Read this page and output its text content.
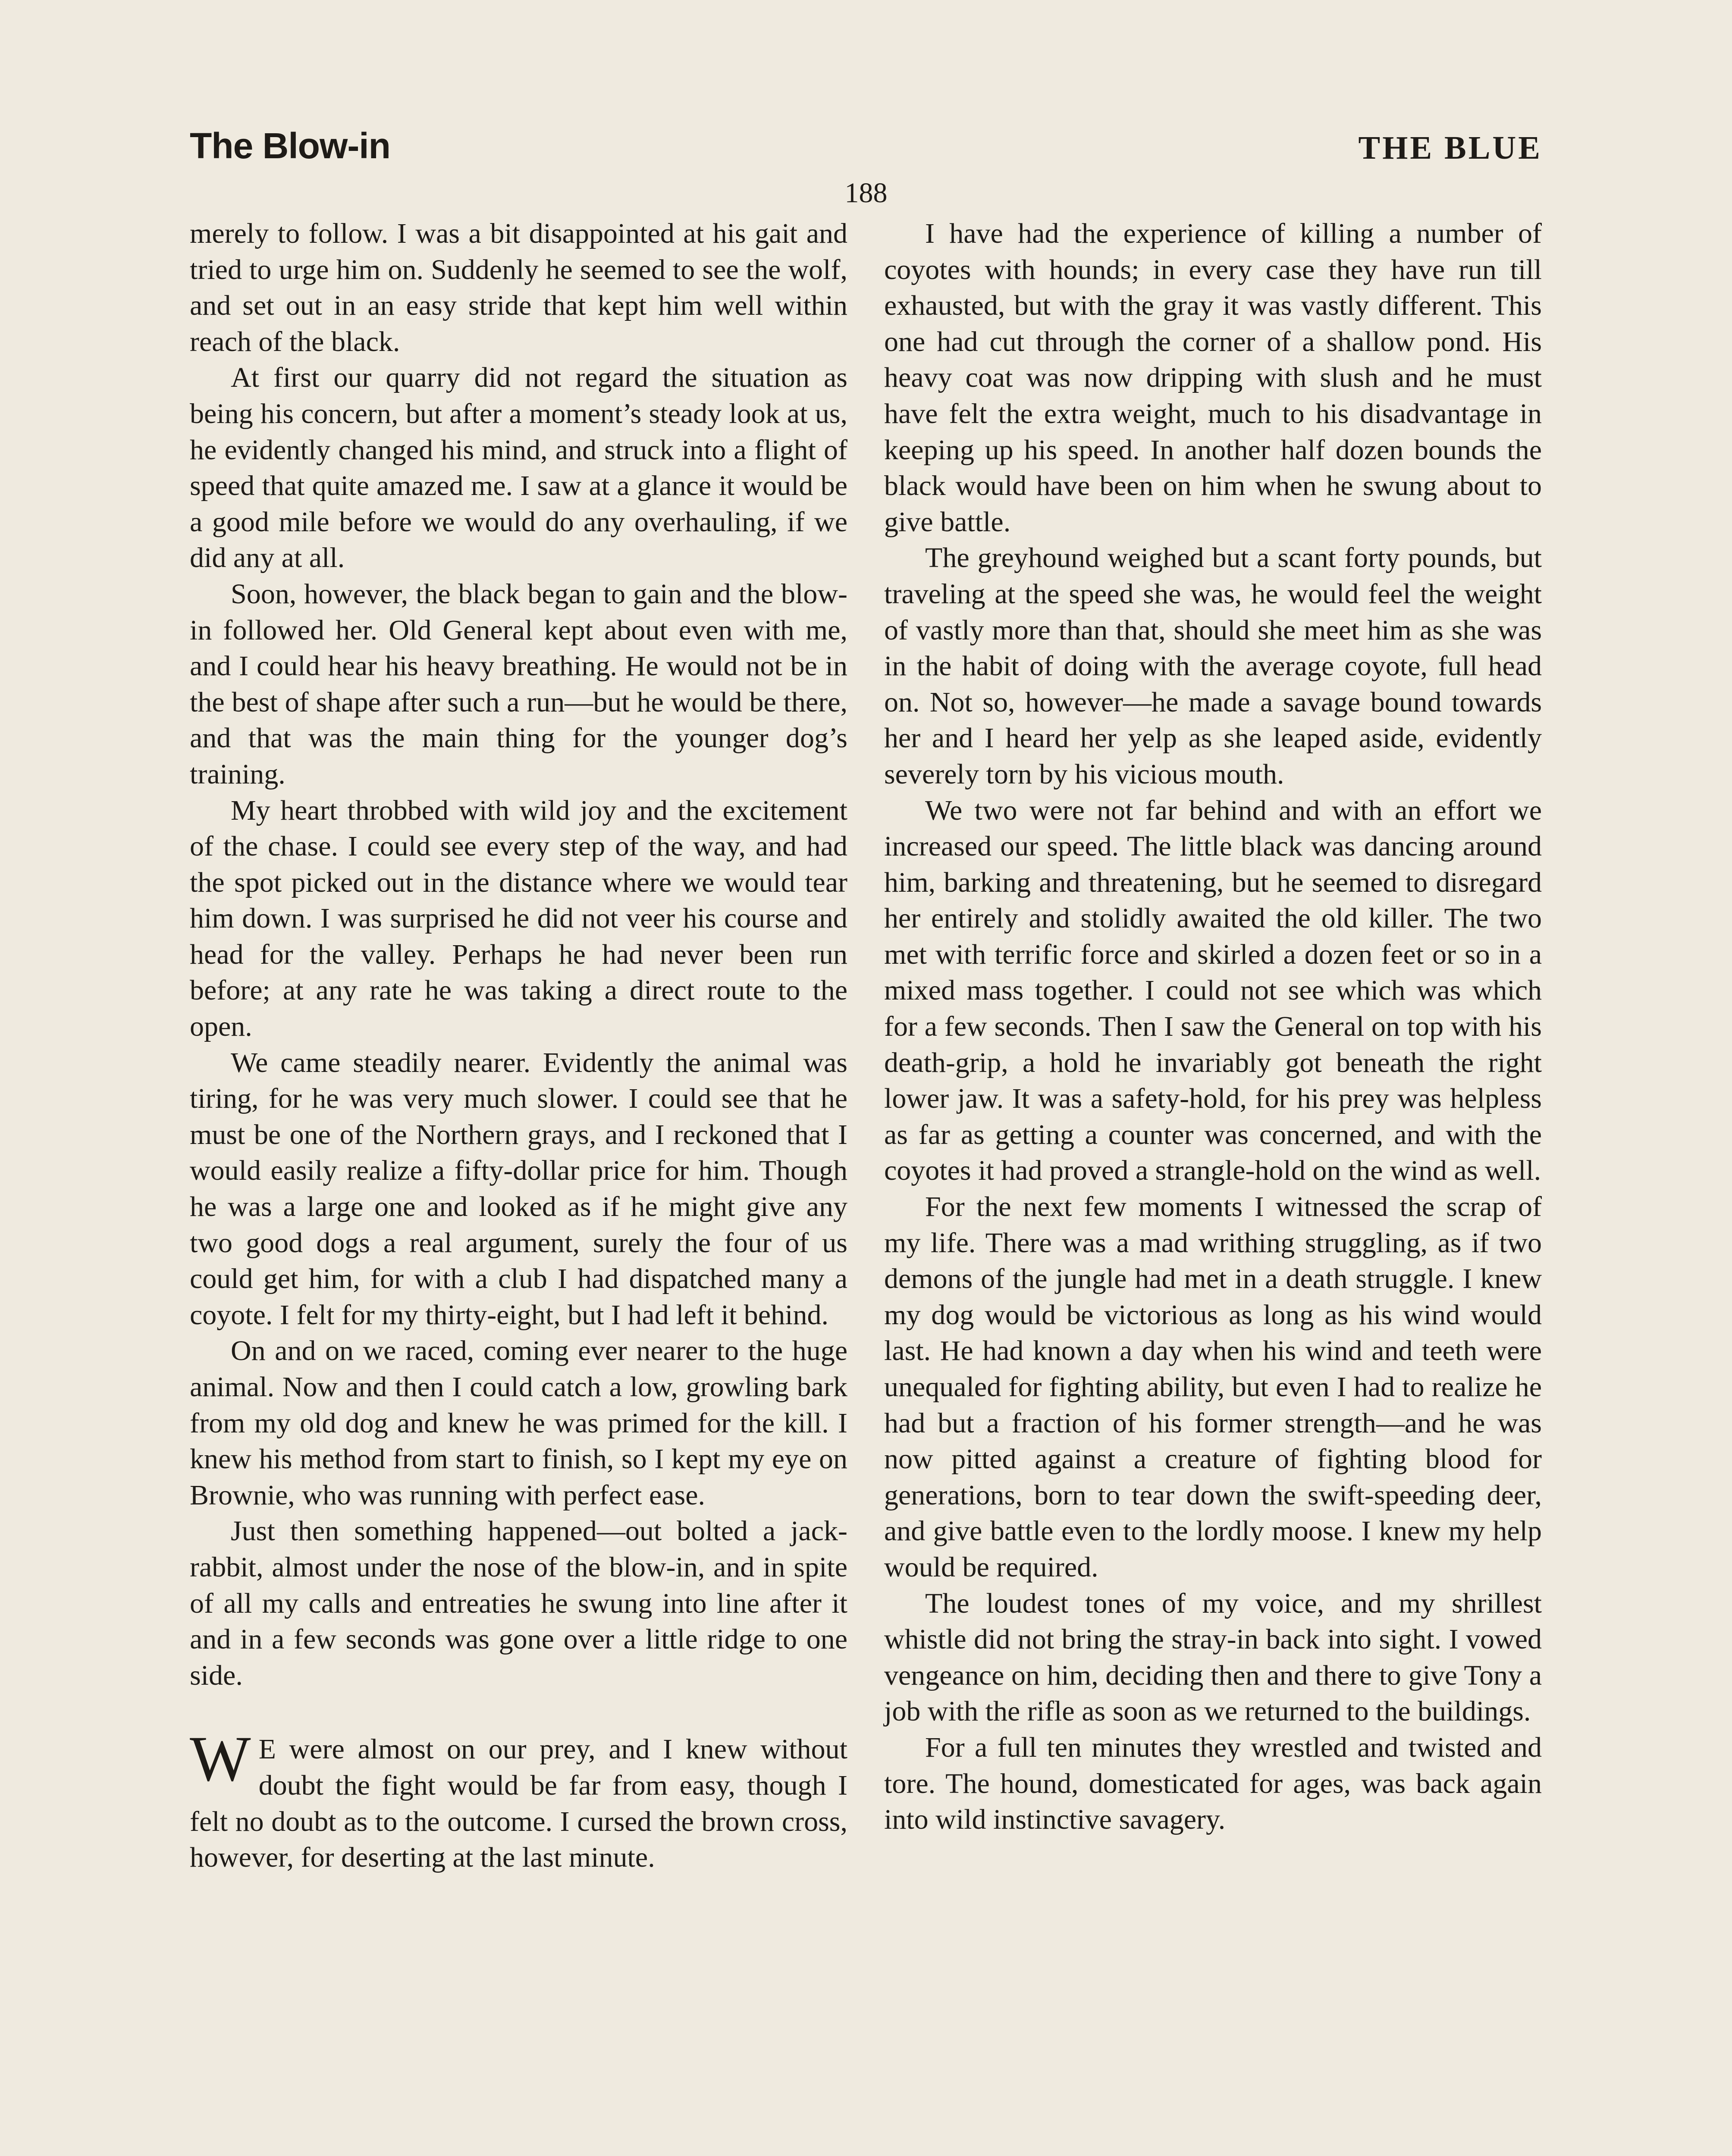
The Blow-in	THE BLUE
188

merely to follow. I was a bit disappointed at his gait and tried to urge him on. Suddenly he seemed to see the wolf, and set out in an easy stride that kept him well within reach of the black.

At first our quarry did not regard the situation as being his concern, but after a moment’s steady look at us, he evidently changed his mind, and struck into a flight of speed that quite amazed me. I saw at a glance it would be a good mile before we would do any overhauling, if we did any at all.

Soon, however, the black began to gain and the blow-in followed her. Old General kept about even with me, and I could hear his heavy breathing. He would not be in the best of shape after such a run—but he would be there, and that was the main thing for the younger dog’s training.

My heart throbbed with wild joy and the excitement of the chase. I could see every step of the way, and had the spot picked out in the distance where we would tear him down. I was surprised he did not veer his course and head for the valley. Perhaps he had never been run before; at any rate he was taking a direct route to the open.

We came steadily nearer. Evidently the animal was tiring, for he was very much slower. I could see that he must be one of the Northern grays, and I reckoned that I would easily realize a fifty-dollar price for him. Though he was a large one and looked as if he might give any two good dogs a real argument, surely the four of us could get him, for with a club I had dispatched many a coyote. I felt for my thirty-eight, but I had left it behind.

On and on we raced, coming ever nearer to the huge animal. Now and then I could catch a low, growling bark from my old dog and knew he was primed for the kill. I knew his method from start to finish, so I kept my eye on Brownie, who was running with perfect ease.

Just then something happened—out bolted a jack-rabbit, almost under the nose of the blow-in, and in spite of all my calls and entreaties he swung into line after it and in a few seconds was gone over a little ridge to one side.

W E were almost on our prey, and I knew without doubt the fight would be far from easy, though I felt no doubt as to the outcome. I cursed the brown cross, however, for deserting at the last minute.

I have had the experience of killing a number of coyotes with hounds; in every case they have run till exhausted, but with the gray it was vastly different. This one had cut through the corner of a shallow pond. His heavy coat was now dripping with slush and he must have felt the extra weight, much to his disadvantage in keeping up his speed. In another half dozen bounds the black would have been on him when he swung about to give battle.

The greyhound weighed but a scant forty pounds, but traveling at the speed she was, he would feel the weight of vastly more than that, should she meet him as she was in the habit of doing with the average coyote, full head on. Not so, however—he made a savage bound towards her and I heard her yelp as she leaped aside, evidently severely torn by his vicious mouth.

We two were not far behind and with an effort we increased our speed. The little black was dancing around him, barking and threatening, but he seemed to disregard her entirely and stolidly awaited the old killer. The two met with terrific force and skirled a dozen feet or so in a mixed mass together. I could not see which was which for a few seconds. Then I saw the General on top with his death-grip, a hold he invariably got beneath the right lower jaw. It was a safety-hold, for his prey was helpless as far as getting a counter was concerned, and with the coyotes it had proved a strangle-hold on the wind as well.

For the next few moments I witnessed the scrap of my life. There was a mad writhing struggling, as if two demons of the jungle had met in a death struggle. I knew my dog would be victorious as long as his wind would last. He had known a day when his wind and teeth were unequaled for fighting ability, but even I had to realize he had but a fraction of his former strength—and he was now pitted against a creature of fighting blood for generations, born to tear down the swift-speeding deer, and give battle even to the lordly moose. I knew my help would be required.

The loudest tones of my voice, and my shrillest whistle did not bring the stray-in back into sight. I vowed vengeance on him, deciding then and there to give Tony a job with the rifle as soon as we returned to the buildings.

For a full ten minutes they wrestled and twisted and tore. The hound, domesticated for ages, was back again into wild instinctive savagery.
